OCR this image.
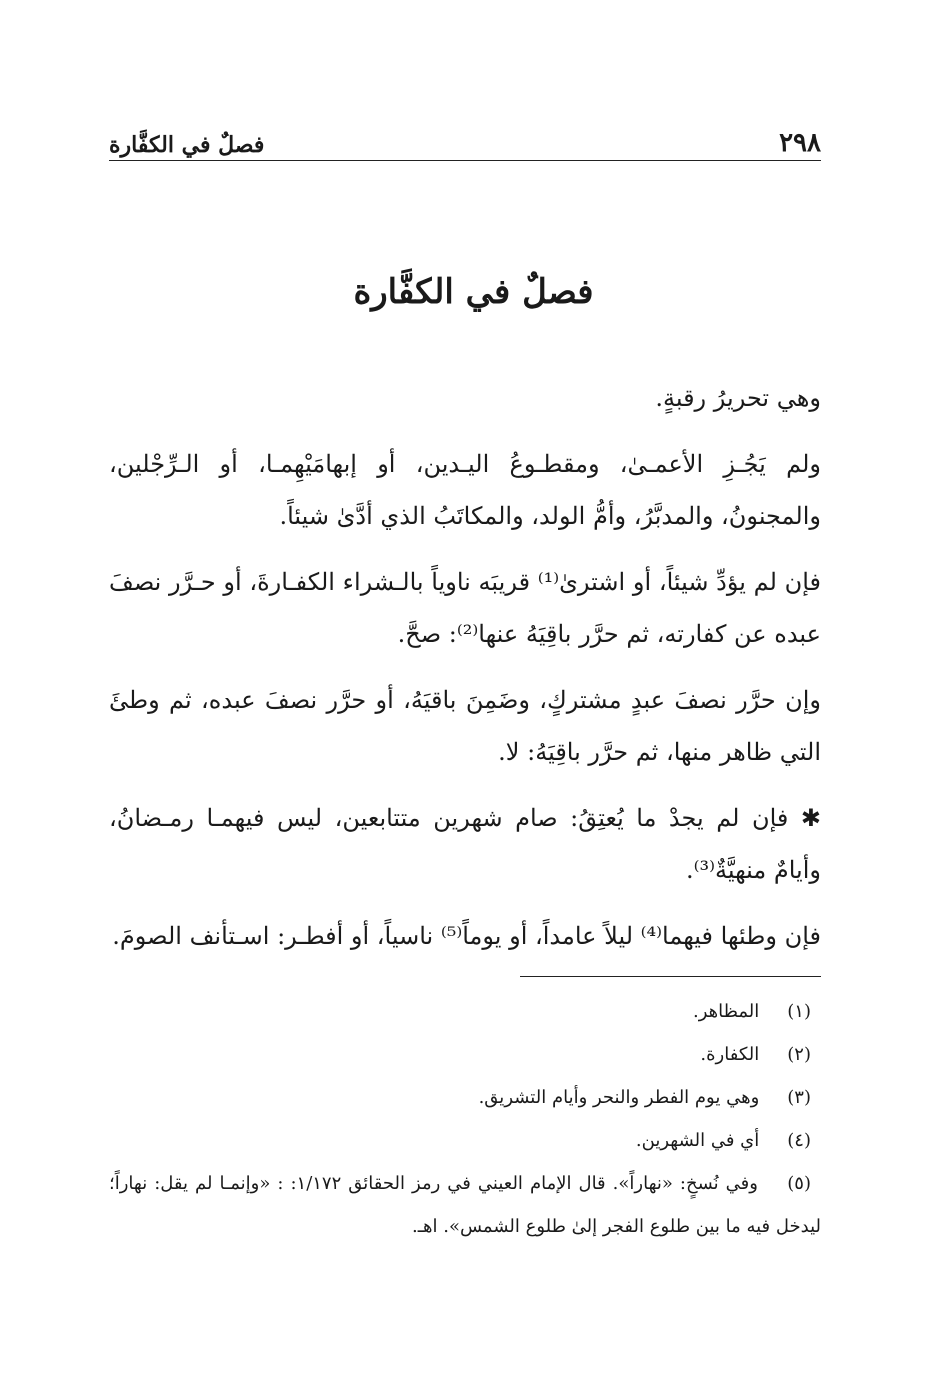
٢٩٨
فصلٌ في الكفَّارة
فصلٌ في الكفَّارة

وهي تحريرُ رقبةٍ.

ولم يَجُـزِ الأعمـىٰ، ومقطـوعُ اليـدين، أو إبهامَيْهِمـا، أو الـرِّجْلين، والمجنونُ، والمدبَّرُ، وأمُّ الولد، والمكاتَبُ الذي أدَّىٰ شيئاً.

فإن لم يؤدِّ شيئاً، أو اشترىٰ⁽¹⁾ قريبَه ناوياً بالـشراء الكفـارةَ، أو حـرَّر نصفَ عبده عن كفارته، ثم حرَّر باقِيَهُ عنها⁽²⁾: صحَّ.

وإن حرَّر نصفَ عبدٍ مشتركٍ، وضَمِنَ باقيَهُ، أو حرَّر نصفَ عبده، ثم وطئَ التي ظاهر منها، ثم حرَّر باقِيَهُ: لا.

✱ فإن لم يجدْ ما يُعتِقُ: صام شهرين متتابعين، ليس فيهمـا رمـضانُ، وأيامٌ منهيَّةٌ⁽³⁾.

فإن وطئها فيهما⁽⁴⁾ ليلاً عامداً، أو يوماً⁽⁵⁾ ناسياً، أو أفطـر: اسـتأنف الصومَ.

(١) المظاهر.

(٢) الكفارة.

(٣) وهي يوم الفطر والنحر وأيام التشريق.

(٤) أي في الشهرين.

(٥) وفي نُسخٍ: «نهاراً». قال الإمام العيني في رمز الحقائق ١/١٧٢: : «وإنمـا لم يقل: نهاراً؛ ليدخل فيه ما بين طلوع الفجر إلىٰ طلوع الشمس». اهـ.
